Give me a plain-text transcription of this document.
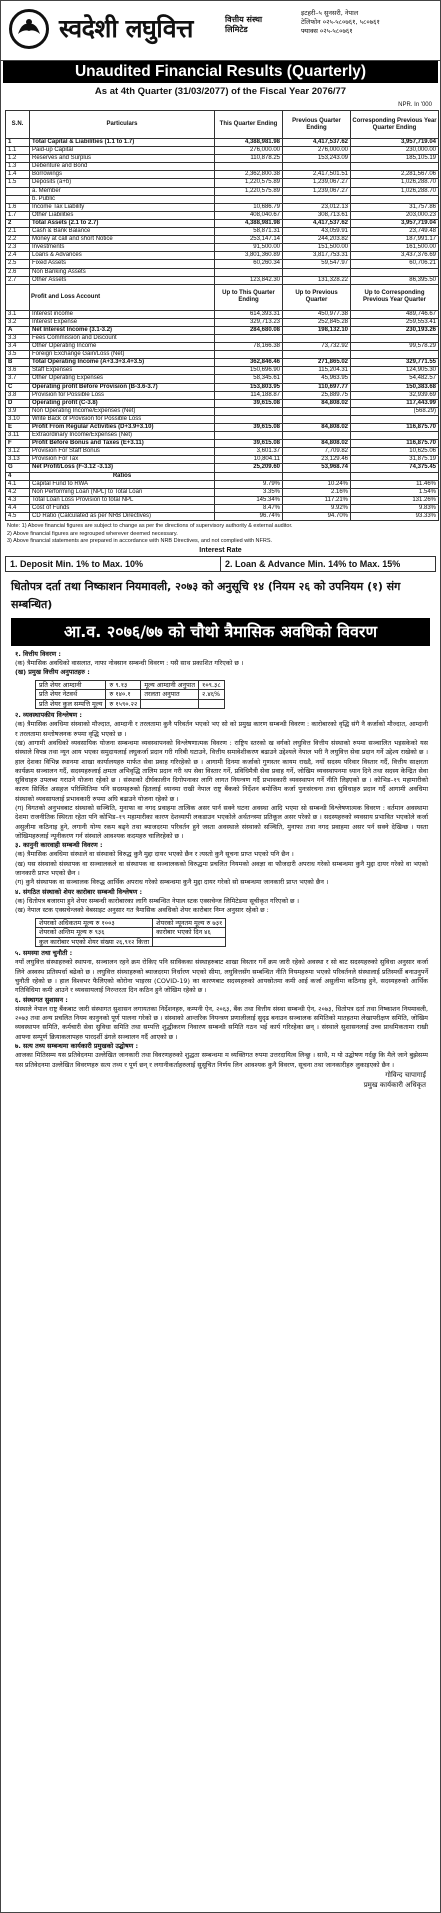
स्वदेशी लघुवित्त	वित्तीय संस्था लिमिटेड
इटहरी–५ सुनसरी, नेपाल
टेलिफोन ०२५-५८०७६१, ५८०७६१
फ्याक्स ०२५-५८०७६१
Unaudited Financial Results (Quarterly)
As at 4th Quarter (31/03/2077) of the Fiscal Year 2076/77
NPR. In '000
S.N.	Particulars	This Quarter Ending	Previous Quarter Ending	Corresponding Previous Year Quarter Ending
1	Total Capital & Liabilities (1.1 to 1.7)	4,388,981.98	4,417,537.62	3,957,719.04
1.1	Paid-up Capital	276,000.00	276,000.00	230,000.00
1.2	Reserves and Surplus	110,878.25	153,243.09	185,105.19
1.3	Debenture and Bond			
1.4	Borrowings	2,362,800.38	2,417,501.51	2,281,567.06
1.5	Deposits (a+b)	1,220,575.89	1,239,067.27	1,026,288.70
	a. Member	1,220,575.89	1,239,067.27	1,026,288.70
	b. Public			
1.6	Income Tax Liability	10,686.79	23,012.13	31,757.86
1.7	Other Liabilities	408,040.67	308,713.61	203,000.23
2	Total Assets (2.1 to 2.7)	4,388,981.98	4,417,537.62	3,957,719.04
2.1	Cash & Bank Balance	58,871.31	43,059.91	23,749.48
2.2	Money at call and short Notice	253,147.14	244,203.82	187,991.17
2.3	Investments	91,500.00	151,500.00	161,500.00
2.4	Loans & Advances	3,801,360.89	3,817,753.31	3,437,376.69
2.5	Fixed Assets	60,260.34	59,547.97	60,706.21
2.6	Non Banking Assets			
2.7	Other Assets	123,842.30	131,328.22	86,395.50
	Profit and Loss Account	Up to This Quarter Ending	Up to Previous Quarter	Up to Corresponding Previous Year Quarter
3.1	Interest income	614,393.31	450,977.38	489,746.67
3.2	Interest Expense	329,713.23	252,845.28	259,553.41
A	Net Interest Income (3.1-3.2)	284,680.08	198,132.10	230,193.26
3.3	Fees Commission and Discount			
3.4	Other Operating Income	78,166.38	73,732.92	99,578.29
3.5	Foreign Exchange Gain/Loss (Net)			
B	Total Operating Income (A+3.3+3.4+3.5)	362,846.46	271,865.02	329,771.55
3.6	Staff Expenses	150,696.90	115,204.31	124,905.30
3.7	Other Operating Expenses	58,345.61	45,963.95	54,482.57
C	Operating profit Before Provision (B-3.6-3.7)	153,803.95	110,697.77	150,383.68
3.8	Provision for Possible Loss	114,188.87	25,889.75	32,939.69
D	Operating profit (C-3.8)	39,615.08	84,808.02	117,443.99
3.9	Non Operating Income/Expenses (Net)			(568.29)
3.10	Write Back of Provision for Possible Loss			
E	Profit From Regular Activities (D+3.9+3.10)	39,615.08	84,808.02	116,875.70
3.11	Extraordinary Income/Expenses (Net)			
F	Profit Before Bonus and Taxes (E+3.11)	39,615.08	84,808.02	116,875.70
3.12	Provision For Staff Bonus	3,601.37	7,709.82	10,625.06
3.13	Provision For Tax	10,804.11	23,129.46	31,875.19
G	Net Profit/Loss (F-3.12 -3.13)	25,209.60	53,968.74	74,375.45
4	Ratios			
4.1	Capital Fund to RWA	9.79%	10.24%	11.46%
4.2	Non Performing Loan (NPL) to Total Loan	3.35%	2.16%	1.54%
4.3	Total Loan Loss Provision to total NPL	145.34%	117.21%	131.26%
4.4	Cost of Funds	8.47%	9.92%	9.83%
4.5	CD Ratio (Calculated as per NRB Directives)	96.74%	94.70%	93.33%
Note: 1) Above financial figures are subject to change as per the directions of supervisory authority & external auditor.
2) Above financial figures are regrouped wherever deemed necessary.
3) Above financial statements are prepared in accordance with NRB Directives, and not complied with NFRS.
Interest Rate
1. Deposit Min. 1% to Max. 10%	2. Loan & Advance Min. 14% to Max. 15%
धितोपत्र दर्ता तथा निष्काशन नियमावली, २०७३ को अनुसूचि १४ (नियम २६ को उपनियम (१) संग सम्बन्धित)
आ.व. २०७६/७७ को चौथो त्रैमासिक अवधिको विवरण
१. वित्तीय विवरण :
(क) त्रैमासिक अवधिको वासलात, नाफा नोक्सान सम्बन्धी विवरण : यसै साथ प्रकाशित गरिएको छ ।
(ख) प्रमुख वित्तीय अनुपातहरु :
प्रति शेयर आम्दानी	रु ९.१३	मूल्य आम्दानी अनुपात	१०९.३८
प्रति शेयर नेटवर्थ	रु १४०.१	तरलता अनुपात	२.४६%
प्रति शेयर कुल सम्पत्ति मूल्य	रु १५९०.२२		
२. व्यवस्थापकीय विश्लेषण :
(क) त्रैमासिक अवधिमा संस्थाको मौज्दात, आम्दानी र तरलतामा कुनै परिवर्तन भएको भए सो को प्रमुख कारण सम्बन्धी विवरण : कारोबारको वृद्धि संगै नै कर्जाको मौज्दात, आम्दानी र तरलतामा सन्तोषजनक रुपमा वृद्धि भएको छ ।
(ख) आगामी अवधिको व्यवसायिक योजना सम्बन्धमा व्यवस्थापनको विश्लेषणात्मक विवरण : राष्ट्रिय स्तरको ख वर्गको लघुवित्त वित्तीय संस्थाको रुपमा सञ्चालित भइसकेको यस संस्थाले विपन्न तथा न्यून आय भएका समुदायलाई लघुकर्जा प्रदान गरी गरिबी घटाउने, वित्तीय समावेशीकरण बढाउने उद्देश्यले नेपाल भरी नै लघुवित्त सेवा प्रदान गर्ने उद्देश्य राखेको छ । हाल देशका विभिन्न स्थानमा शाखा कार्यालयहरु मार्फत सेवा प्रवाह गरिरहेको छ । आगामी दिनमा कर्जाको गुणस्तर कायम राख्दै, नयाँ सदस्य परिवार विस्तार गर्दै, वित्तीय साक्षरता कार्यक्रम सञ्चालन गर्दै, सदस्यहरुलाई क्षमता अभिवृद्धि तालिम प्रदान गरी थप सेवा विस्तार गर्ने, प्रविधिमैत्री सेवा प्रवाह गर्ने, जोखिम व्यवस्थापनमा ध्यान दिने तथा सदस्य केन्द्रित सेवा सुविधाहरु उपलब्ध गराउने योजना रहेको छ । संस्थाको दीर्घकालीन दिगोपनाका लागि लागत नियन्त्रण गर्दै प्रभावकारी व्यवस्थापन गर्ने नीति लिइएको छ । कोभिड–१९ महामारीको कारण सिर्जित असहज परिस्थितिमा पनि सदस्यहरुको हितलाई ध्यानमा राखी नेपाल राष्ट्र बैंकको निर्देशन बमोजिम कर्जा पुनःसंरचना तथा सुविधाहरु प्रदान गर्दै आगामी अवधिमा संस्थाको व्यवसायलाई प्रभावकारी रुपमा अघि बढाउने योजना रहेको छ ।
(ग) विगतको अनुभवबाट संस्थाको सञ्चिति, मुनाफा वा नगद प्रवाहमा तात्विक असर पार्न सक्ने घटना अवस्था आदि भएमा सो सम्बन्धी विश्लेषणात्मक विवरण : वर्तमान अवस्थामा देशमा राजनीतिक स्थिरता रहेता पनि कोभिड–१९ महामारीका कारण देशव्यापी लकडाउन भएकोले अर्थतन्त्रमा प्रतिकूल असर परेको छ । सदस्यहरुको व्यवसाय प्रभावित भएकोले कर्जा असुलीमा कठिनाइ हुने, लगानी योग्य रकम बढ्ने तथा ब्याजदरमा परिवर्तन हुने जस्ता अवस्थाले संस्थाको सञ्चिति, मुनाफा तथा नगद प्रवाहमा असर पर्न सक्ने देखिन्छ । यस्ता जोखिमहरुलाई न्यूनीकरण गर्न संस्थाले आवश्यक कदमहरु चालिरहेको छ ।
३. कानुनी कारवाही सम्बन्धी विवरण :
(क) त्रैमासिक अवधिमा संस्थाले वा संस्थाको विरुद्ध कुनै मुद्दा दायर भएको छैन र त्यस्तो कुनै सूचना प्राप्त भएको पनि छैन ।
(ख) यस संस्थाको संस्थापक वा सञ्चालकले वा संस्थापक वा सञ्चालकको विरुद्धमा प्रचलित नियमको अवज्ञा वा फौजदारी अपराध गरेको सम्बन्धमा कुनै मुद्दा दायर गरेको वा भएको जानकारी प्राप्त भएको छैन ।
(ग) कुनै संस्थापक वा सञ्चालक विरुद्ध आर्थिक अपराध गरेको सम्बन्धमा कुनै मुद्दा दायर गरेको सो सम्बन्धमा जानकारी प्राप्त भएको छैन ।
४. संगठित संस्थाको शेयर कारोबार सम्बन्धी विश्लेषण :
(क) धितोपत्र बजारमा हुने शेयर सम्बन्धी कारोबारका लागि सम्बन्धित नेपाल स्टक एक्सचेन्ज लिमिटेडमा सूचीकृत गरिएको छ ।
(ख) नेपाल स्टक एक्सचेन्जको वेबसाइट अनुसार गत त्रैमासिक अवधिको शेयर कारोबार निम्न अनुसार रहेको छ :
शेयरको अधिकतम मूल्य रु १००३	शेयरको न्यूनतम मूल्य रु ७३१
शेयरको अन्तिम मूल्य रु ९३६	कारोबार भएको दिन ४६
कुल कारोबार भएको शेयर संख्या २६,९१२ कित्ता	
५. समस्या तथा चुनौती :
नयाँ लघुवित्त संस्थाहरुको स्थापना, सञ्चालन रहने क्रम रोकिए पनि साविकका संस्थाहरुबाट शाखा विस्तार गर्ने क्रम जारी रहेको अवस्था र सो बाट सदस्यहरुको सुविधा अनुसार कर्जा लिने अस्वस्थ प्रतिस्पर्धा बढेको छ । लघुवित्त संस्थाहरुको ब्याजदरमा निर्धारण भएको सीमा, लघुवित्तसँग सम्बन्धित नीति नियमहरुमा भएको परिवर्तनले संस्थालाई प्रतिस्पर्धी बनाउनुपर्ने चुनौती रहेको छ । हाल विश्वभर फैलिएको कोरोना भाइरस (COVID-19) का कारणबाट सदस्यहरुको आयस्रोतमा कमी आई कर्जा असुलीमा कठिनाइ हुने, सदस्यहरुको आर्थिक गतिविधिमा कमी आउने र व्यवसायलाई निरन्तरता दिन कठिन हुने जोखिम रहेको छ ।
६. संस्थागत सुशासन :
संस्थाले नेपाल राष्ट्र बैंकबाट जारी संस्थागत सुशासन लगायतका निर्देशनहरु, कम्पनी ऐन, २०६३, बैंक तथा वित्तीय संस्था सम्बन्धी ऐन, २०७३, धितोपत्र दर्ता तथा निष्काशन नियमावली, २०७३ तथा अन्य प्रचलित नियम कानुनको पूर्ण पालना गरेको छ । संस्थाको आन्तरिक नियन्त्रण प्रणालीलाई सुदृढ बनाउन सञ्चालक समितिको मातहतमा लेखापरीक्षण समिति, जोखिम व्यवस्थापन समिति, कर्मचारी सेवा सुविधा समिति तथा सम्पत्ति शुद्धीकरण निवारण सम्बन्धी समिति गठन भई कार्य गरिरहेका छन् । संस्थाले सुशासनलाई उच्च प्राथमिकतामा राखी आफ्ना सम्पूर्ण क्रियाकलापहरु पारदर्शी ढंगले सञ्चालन गर्दै आएको छ ।
७. सत्य तथ्य सम्बन्धमा कार्यकारी प्रमुखको उद्घोषण :
आजका मितिसम्म यस प्रतिवेदनमा उल्लेखित जानकारी तथा विवरणहरुको शुद्धता सम्बन्धमा म व्यक्तिगत रुपमा उत्तरदायित्व लिन्छु । साथै, म यो उद्घोषण गर्दछु कि मैले जाने बुझेसम्म यस प्रतिवेदनमा उल्लेखित विवरणहरु सत्य तथ्य र पूर्ण छन् र लगानीकर्ताहरुलाई सुसूचित निर्णय लिन आवश्यक कुनै विवरण, सूचना तथा जानकारीहरु लुकाइएको छैन ।
गोविन्द चापागाईं
प्रमुख कार्यकारी अधिकृत
